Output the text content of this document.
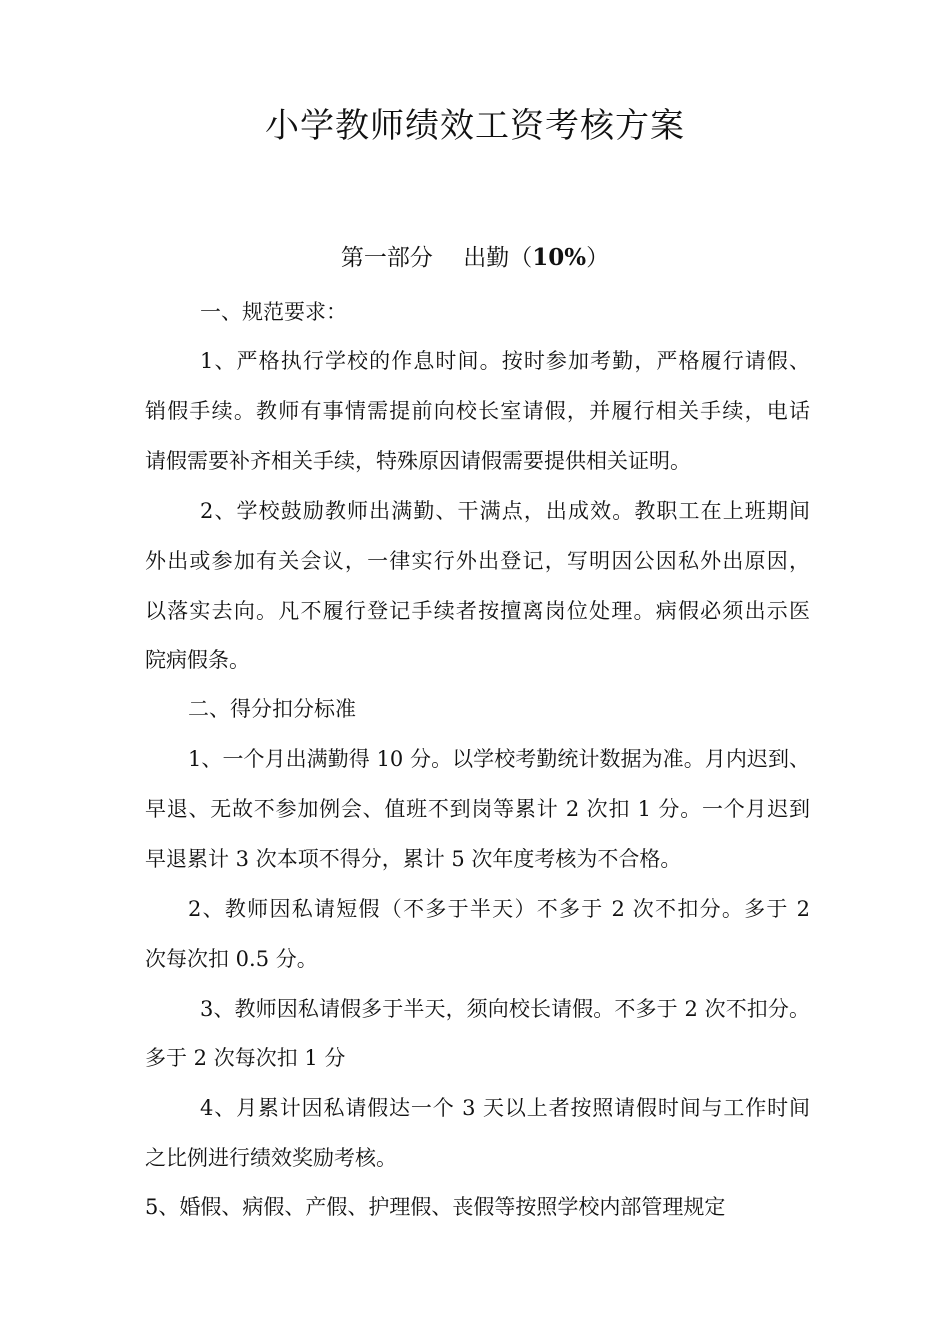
小学教师绩效工资考核方案
第一部分　 出勤（10%）

一、规范要求：

1、严格执行学校的作息时间。按时参加考勤，严格履行请假、

销假手续。教师有事情需提前向校长室请假，并履行相关手续，电话

请假需要补齐相关手续，特殊原因请假需要提供相关证明。

2、学校鼓励教师出满勤、干满点，出成效。教职工在上班期间

外出或参加有关会议，一律实行外出登记，写明因公因私外出原因，

以落实去向。凡不履行登记手续者按擅离岗位处理。病假必须出示医

院病假条。

二、得分扣分标准

1、一个月出满勤得 10 分。以学校考勤统计数据为准。月内迟到、

早退、无故不参加例会、值班不到岗等累计 2 次扣 1 分。一个月迟到

早退累计 3 次本项不得分，累计 5 次年度考核为不合格。

2、教师因私请短假（不多于半天）不多于 2 次不扣分。多于 2

次每次扣 0.5 分。

3、教师因私请假多于半天，须向校长请假。不多于 2 次不扣分。

多于 2 次每次扣 1 分

4、月累计因私请假达一个 3 天以上者按照请假时间与工作时间

之比例进行绩效奖励考核。

5、婚假、病假、产假、护理假、丧假等按照学校内部管理规定
